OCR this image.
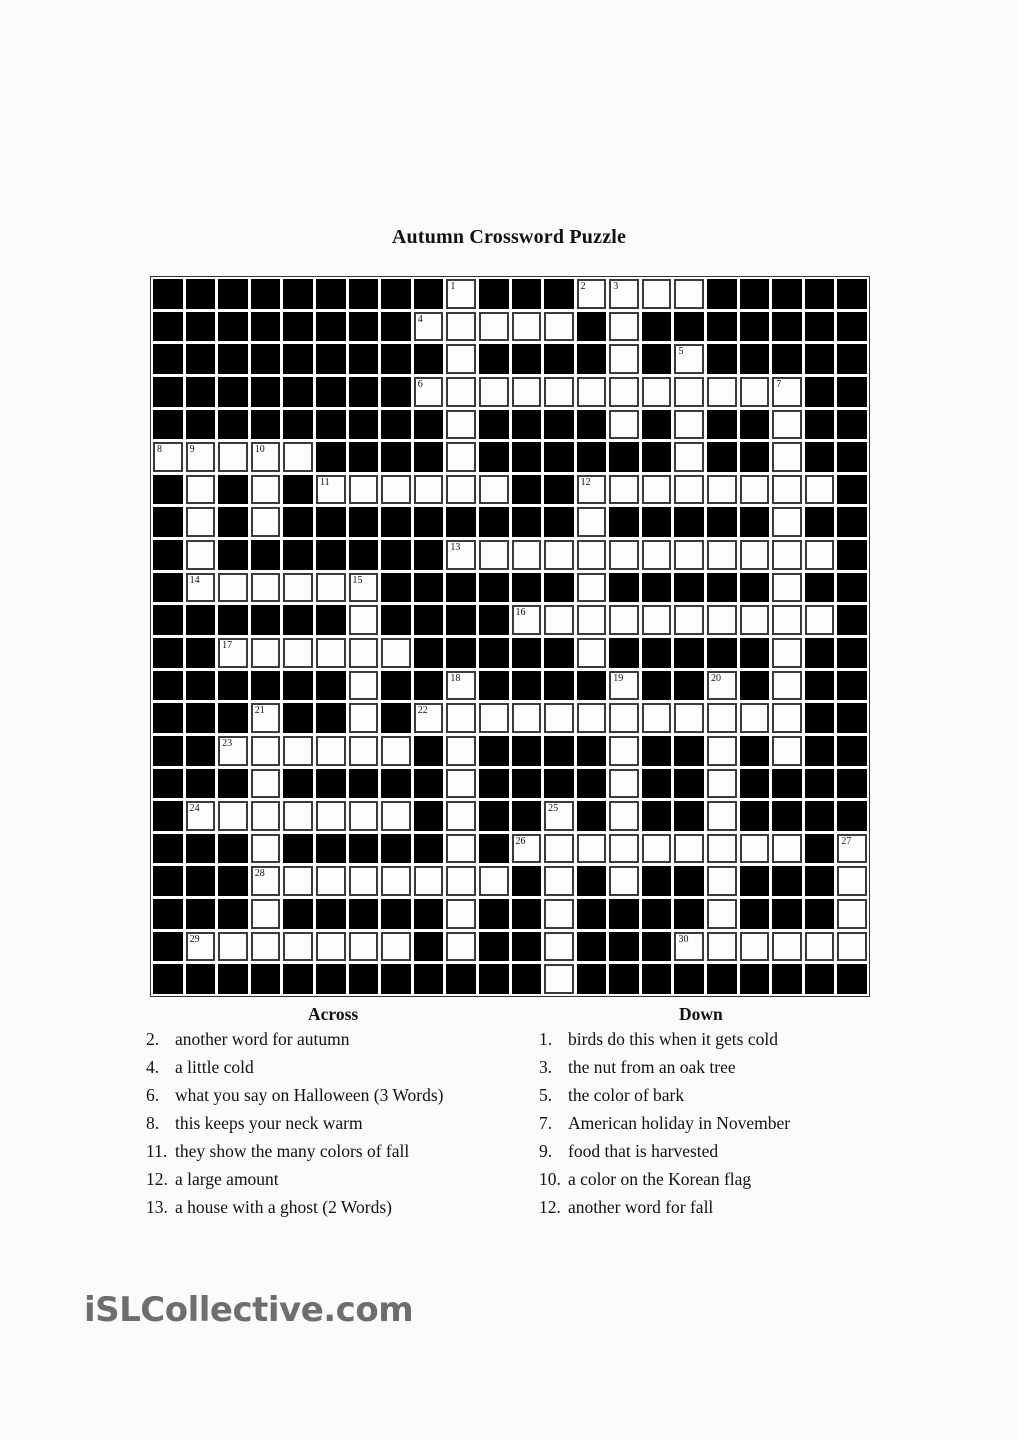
Autumn Crossword Puzzle
1	2	3
4
5
6	7
8	9	10
11	12
13
14	15
16
17
18	19	20
21	22
23
24	25
26	27
28
29	30
Across
2. another word for autumn
4. a little cold
6. what you say on Halloween (3 Words)
8. this keeps your neck warm
11. they show the many colors of fall
12. a large amount
13. a house with a ghost (2 Words)
Down
1. birds do this when it gets cold
3. the nut from an oak tree
5. the color of bark
7. American holiday in November
9. food that is harvested
10. a color on the Korean flag
12. another word for fall
iSLCollective.com
